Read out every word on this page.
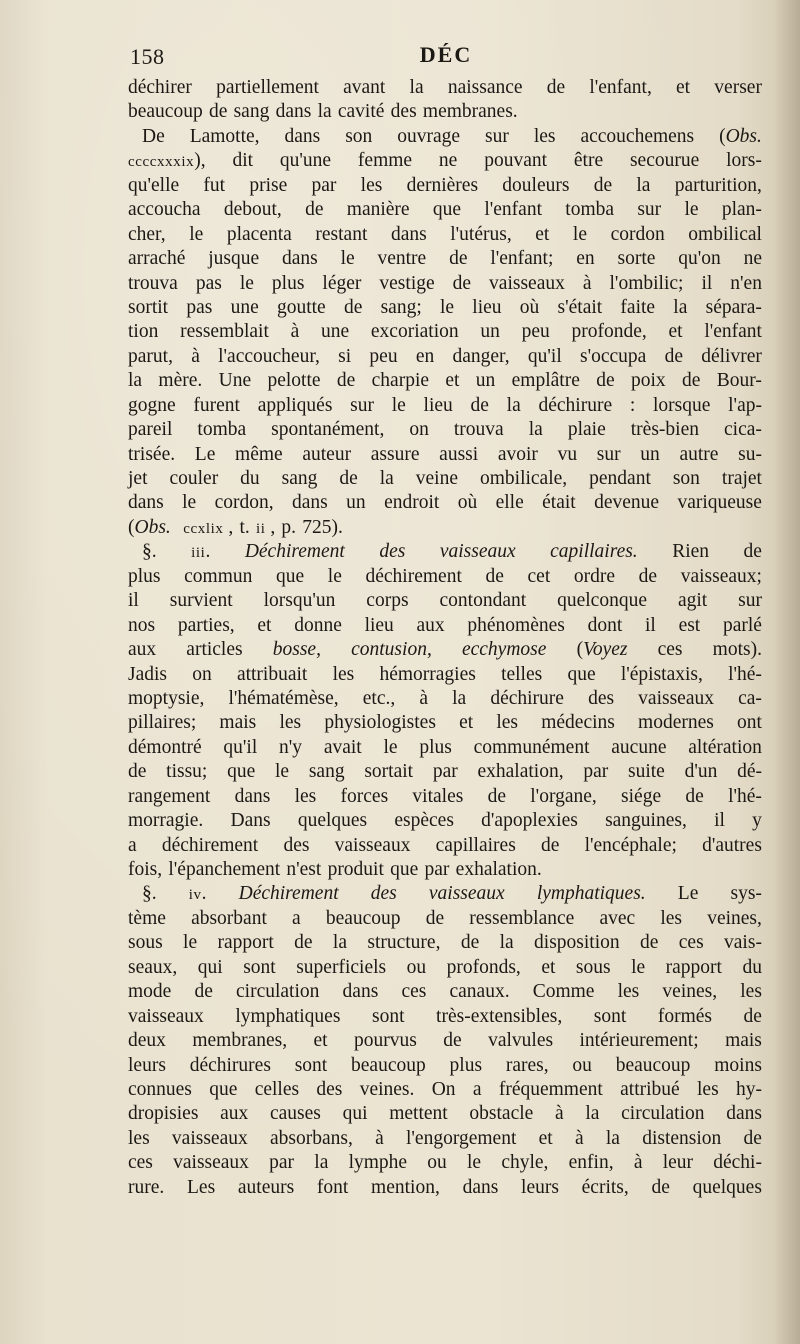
158	DÉC
déchirer partiellement avant la naissance de l'enfant, et verser
beaucoup de sang dans la cavité des membranes.
De Lamotte, dans son ouvrage sur les accouchemens (Obs.
ccccxxxix), dit qu'une femme ne pouvant être secourue lors-
qu'elle fut prise par les dernières douleurs de la parturition,
accoucha debout, de manière que l'enfant tomba sur le plan-
cher, le placenta restant dans l'utérus, et le cordon ombilical
arraché jusque dans le ventre de l'enfant; en sorte qu'on ne
trouva pas le plus léger vestige de vaisseaux à l'ombilic; il n'en
sortit pas une goutte de sang; le lieu où s'était faite la sépara-
tion ressemblait à une excoriation un peu profonde, et l'enfant
parut, à l'accoucheur, si peu en danger, qu'il s'occupa de délivrer
la mère. Une pelotte de charpie et un emplâtre de poix de Bour-
gogne furent appliqués sur le lieu de la déchirure : lorsque l'ap-
pareil tomba spontanément, on trouva la plaie très-bien cica-
trisée. Le même auteur assure aussi avoir vu sur un autre su-
jet couler du sang de la veine ombilicale, pendant son trajet
dans le cordon, dans un endroit où elle était devenue variqueuse
(Obs. ccxlix , t. ii , p. 725).
§. iii. Déchirement des vaisseaux capillaires. Rien de
plus commun que le déchirement de cet ordre de vaisseaux;
il survient lorsqu'un corps contondant quelconque agit sur
nos parties, et donne lieu aux phénomènes dont il est parlé
aux articles bosse, contusion, ecchymose (Voyez ces mots).
Jadis on attribuait les hémorragies telles que l'épistaxis, l'hé-
moptysie, l'hématémèse, etc., à la déchirure des vaisseaux ca-
pillaires; mais les physiologistes et les médecins modernes ont
démontré qu'il n'y avait le plus communément aucune altération
de tissu; que le sang sortait par exhalation, par suite d'un dé-
rangement dans les forces vitales de l'organe, siége de l'hé-
morragie. Dans quelques espèces d'apoplexies sanguines, il y
a déchirement des vaisseaux capillaires de l'encéphale; d'autres
fois, l'épanchement n'est produit que par exhalation.
§. iv. Déchirement des vaisseaux lymphatiques. Le sys-
tème absorbant a beaucoup de ressemblance avec les veines,
sous le rapport de la structure, de la disposition de ces vais-
seaux, qui sont superficiels ou profonds, et sous le rapport du
mode de circulation dans ces canaux. Comme les veines, les
vaisseaux lymphatiques sont très-extensibles, sont formés de
deux membranes, et pourvus de valvules intérieurement; mais
leurs déchirures sont beaucoup plus rares, ou beaucoup moins
connues que celles des veines. On a fréquemment attribué les hy-
dropisies aux causes qui mettent obstacle à la circulation dans
les vaisseaux absorbans, à l'engorgement et à la distension de
ces vaisseaux par la lymphe ou le chyle, enfin, à leur déchi-
rure. Les auteurs font mention, dans leurs écrits, de quelques
